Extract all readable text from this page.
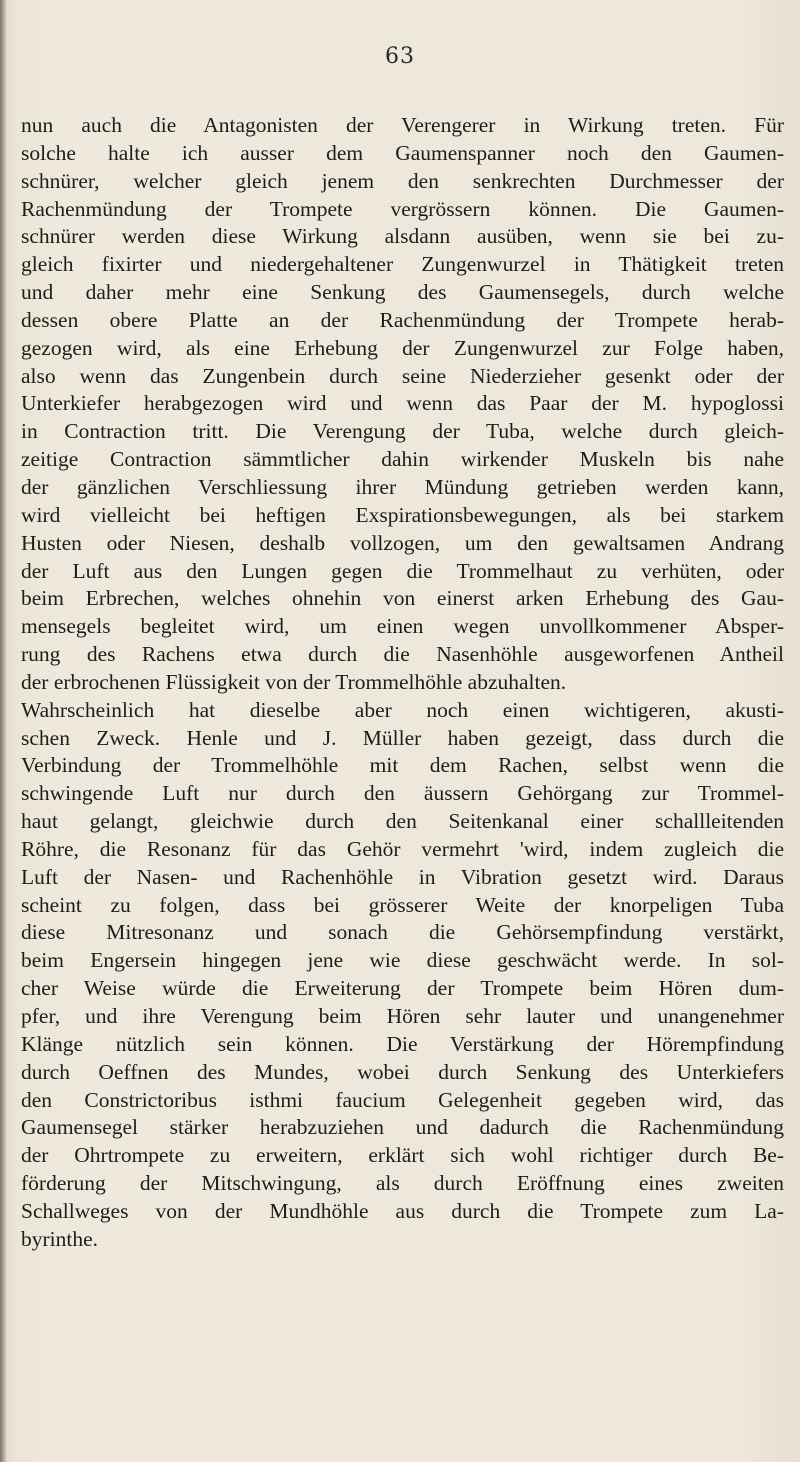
63
nun auch die Antagonisten der Verengerer in Wirkung treten. Für
solche halte ich ausser dem Gaumenspanner noch den Gaumen-
schnürer, welcher gleich jenem den senkrechten Durchmesser der
Rachenmündung der Trompete vergrössern können. Die Gaumen-
schnürer werden diese Wirkung alsdann ausüben, wenn sie bei zu-
gleich fixirter und niedergehaltener Zungenwurzel in Thätigkeit treten
und daher mehr eine Senkung des Gaumensegels, durch welche
dessen obere Platte an der Rachenmündung der Trompete herab-
gezogen wird, als eine Erhebung der Zungenwurzel zur Folge haben,
also wenn das Zungenbein durch seine Niederzieher gesenkt oder der
Unterkiefer herabgezogen wird und wenn das Paar der M. hypoglossi
in Contraction tritt. Die Verengung der Tuba, welche durch gleich-
zeitige Contraction sämmtlicher dahin wirkender Muskeln bis nahe
der gänzlichen Verschliessung ihrer Mündung getrieben werden kann,
wird vielleicht bei heftigen Exspirationsbewegungen, als bei starkem
Husten oder Niesen, deshalb vollzogen, um den gewaltsamen Andrang
der Luft aus den Lungen gegen die Trommelhaut zu verhüten, oder
beim Erbrechen, welches ohnehin von einerst arken Erhebung des Gau-
mensegels begleitet wird, um einen wegen unvollkommener Absper-
rung des Rachens etwa durch die Nasenhöhle ausgeworfenen Antheil
der erbrochenen Flüssigkeit von der Trommelhöhle abzuhalten.
Wahrscheinlich hat dieselbe aber noch einen wichtigeren, akusti-
schen Zweck. Henle und J. Müller haben gezeigt, dass durch die
Verbindung der Trommelhöhle mit dem Rachen, selbst wenn die
schwingende Luft nur durch den äussern Gehörgang zur Trommel-
haut gelangt, gleichwie durch den Seitenkanal einer schallleitenden
Röhre, die Resonanz für das Gehör vermehrt 'wird, indem zugleich die
Luft der Nasen- und Rachenhöhle in Vibration gesetzt wird. Daraus
scheint zu folgen, dass bei grösserer Weite der knorpeligen Tuba
diese Mitresonanz und sonach die Gehörsempfindung verstärkt,
beim Engersein hingegen jene wie diese geschwächt werde. In sol-
cher Weise würde die Erweiterung der Trompete beim Hören dum-
pfer, und ihre Verengung beim Hören sehr lauter und unangenehmer
Klänge nützlich sein können. Die Verstärkung der Hörempfindung
durch Oeffnen des Mundes, wobei durch Senkung des Unterkiefers
den Constrictoribus isthmi faucium Gelegenheit gegeben wird, das
Gaumensegel stärker herabzuziehen und dadurch die Rachenmündung
der Ohrtrompete zu erweitern, erklärt sich wohl richtiger durch Be-
förderung der Mitschwingung, als durch Eröffnung eines zweiten
Schallweges von der Mundhöhle aus durch die Trompete zum La-
byrinthe.
